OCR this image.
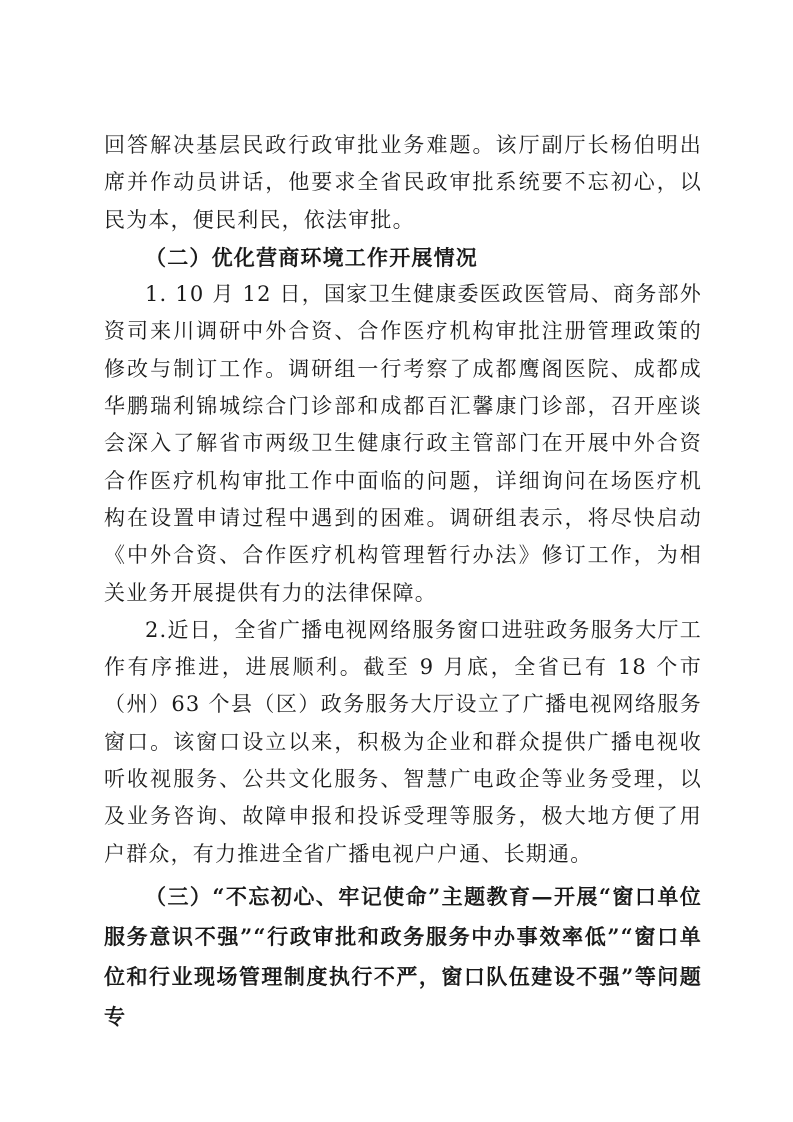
回答解决基层民政行政审批业务难题。该厅副厅长杨伯明出席并作动员讲话，他要求全省民政审批系统要不忘初心，以民为本，便民利民，依法审批。

（二）优化营商环境工作开展情况

1. 10 月 12 日，国家卫生健康委医政医管局、商务部外资司来川调研中外合资、合作医疗机构审批注册管理政策的修改与制订工作。调研组一行考察了成都鹰阁医院、成都成华鹏瑞利锦城综合门诊部和成都百汇馨康门诊部，召开座谈会深入了解省市两级卫生健康行政主管部门在开展中外合资合作医疗机构审批工作中面临的问题，详细询问在场医疗机构在设置申请过程中遇到的困难。调研组表示，将尽快启动《中外合资、合作医疗机构管理暂行办法》修订工作，为相关业务开展提供有力的法律保障。

2.近日，全省广播电视网络服务窗口进驻政务服务大厅工作有序推进，进展顺利。截至 9 月底，全省已有 18 个市（州）63 个县（区）政务服务大厅设立了广播电视网络服务窗口。该窗口设立以来，积极为企业和群众提供广播电视收听收视服务、公共文化服务、智慧广电政企等业务受理，以及业务咨询、故障申报和投诉受理等服务，极大地方便了用户群众，有力推进全省广播电视户户通、长期通。

（三）“不忘初心、牢记使命”主题教育—开展“窗口单位服务意识不强”“行政审批和政务服务中办事效率低”“窗口单位和行业现场管理制度执行不严，窗口队伍建设不强”等问题专
